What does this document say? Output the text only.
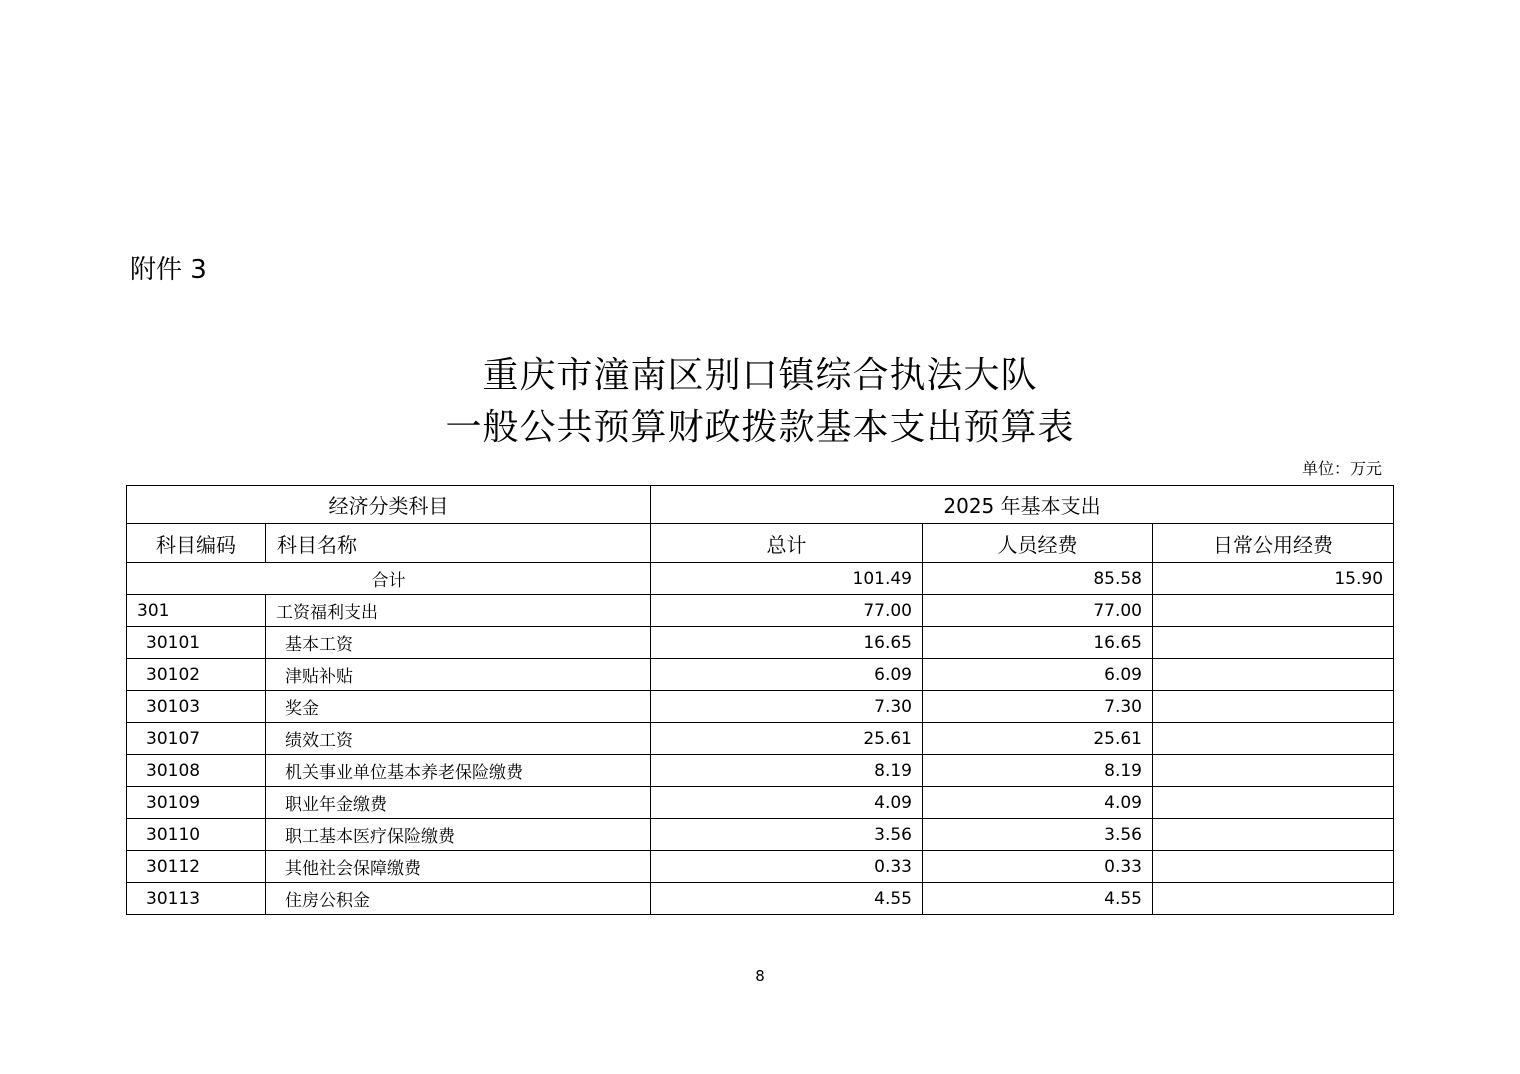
附件 3
重庆市潼南区别口镇综合执法大队
一般公共预算财政拨款基本支出预算表
单位：万元
经济分类科目		2025 年基本支出		
科目编码	科目名称	总计	人员经费	日常公用经费
合计		101.49	85.58	15.90
301	工资福利支出	77.00	77.00	
30101	基本工资	16.65	16.65	
30102	津贴补贴	6.09	6.09	
30103	奖金	7.30	7.30	
30107	绩效工资	25.61	25.61	
30108	机关事业单位基本养老保险缴费	8.19	8.19	
30109	职业年金缴费	4.09	4.09	
30110	职工基本医疗保险缴费	3.56	3.56	
30112	其他社会保障缴费	0.33	0.33	
30113	住房公积金	4.55	4.55	
8
